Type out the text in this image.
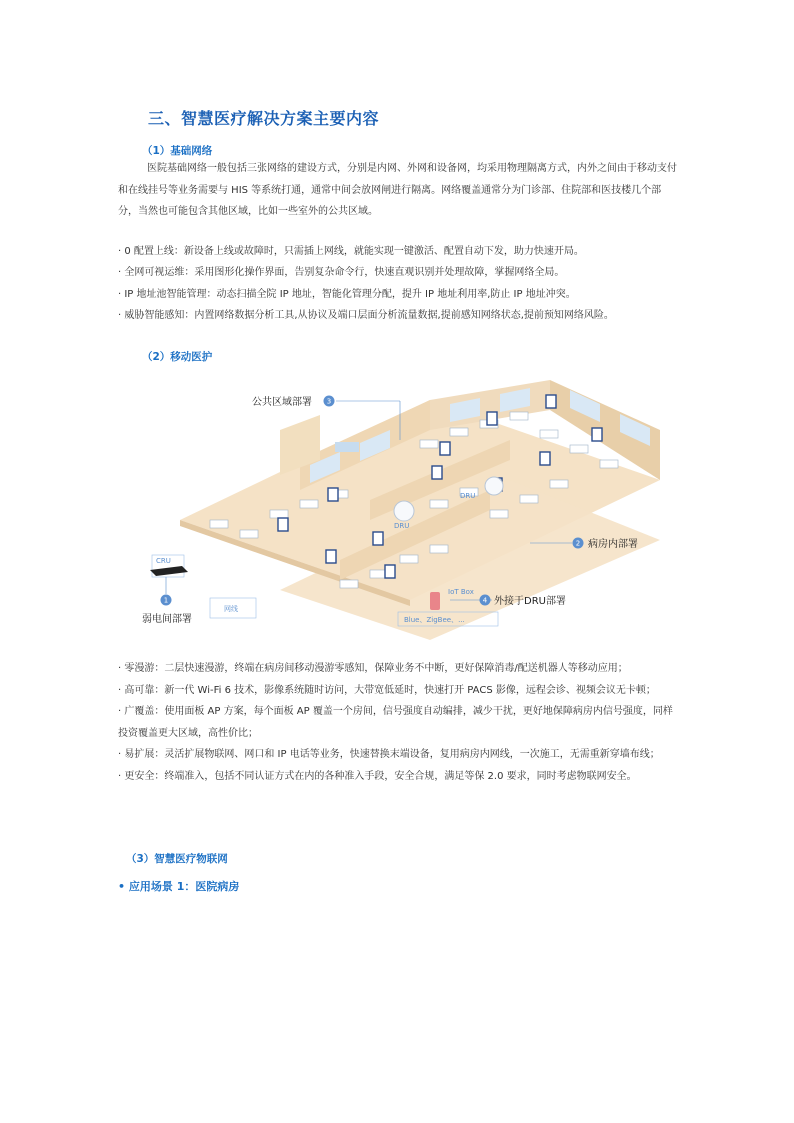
三、智慧医疗解决方案主要内容
（1）基础网络
医院基础网络一般包括三张网络的建设方式，分别是内网、外网和设备网，均采用物理隔离方式，内外之间由于移动支付和在线挂号等业务需要与 HIS 等系统打通，通常中间会放网闸进行隔离。网络覆盖通常分为门诊部、住院部和医技楼几个部分，当然也可能包含其他区域，比如一些室外的公共区域。
· 0 配置上线：新设备上线或故障时，只需插上网线，就能实现一键激活、配置自动下发，助力快速开局。
· 全网可视运维：采用图形化操作界面，告别复杂命令行，快速直观识别并处理故障，掌握网络全局。
· IP 地址池智能管理：动态扫描全院 IP 地址，智能化管理分配，提升 IP 地址利用率,防止 IP 地址冲突。
· 威胁智能感知：内置网络数据分析工具,从协议及端口层面分析流量数据,提前感知网络状态,提前预知网络风险。
（2）移动医护
DRU
DRU
IoT Box
Blue、ZigBee、...
CRU
网线
3
2
1	4
公共区域部署
病房内部署
弱电间部署
外接于DRU部署
· 零漫游：二层快速漫游，终端在病房间移动漫游零感知，保障业务不中断，更好保障消毒/配送机器人等移动应用；
· 高可靠：新一代 Wi-Fi 6 技术，影像系统随时访问，大带宽低延时，快速打开 PACS 影像，远程会诊、视频会议无卡顿；
· 广覆盖：使用面板 AP 方案，每个面板 AP 覆盖一个房间，信号强度自动编排，减少干扰，更好地保障病房内信号强度，同样投资覆盖更大区域，高性价比；
· 易扩展：灵活扩展物联网、网口和 IP 电话等业务，快速替换末端设备，复用病房内网线，一次施工，无需重新穿墙布线；
· 更安全：终端准入，包括不同认证方式在内的各种准入手段，安全合规，满足等保 2.0 要求，同时考虑物联网安全。
（3）智慧医疗物联网
• 应用场景 1：医院病房
